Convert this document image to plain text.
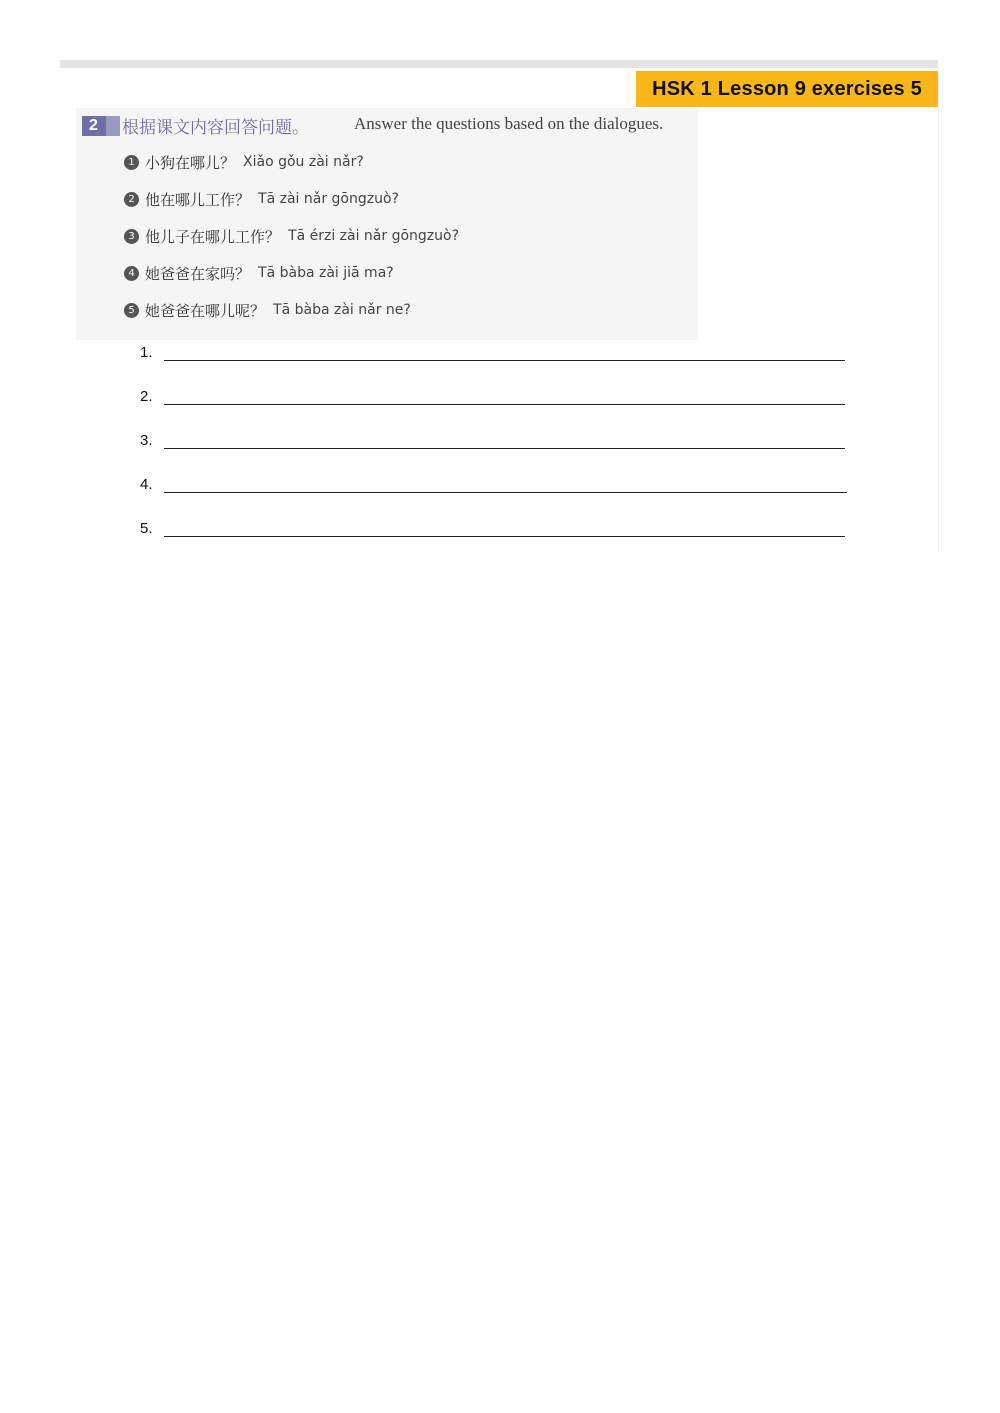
HSK 1 Lesson 9 exercises 5
2	根据课文内容回答问题。	Answer the questions based on the dialogues.
1 小狗在哪儿？ Xiǎo gǒu zài nǎr?
2 他在哪儿工作？ Tā zài nǎr gōngzuò?
3 他儿子在哪儿工作？ Tā érzi zài nǎr gōngzuò?
4 她爸爸在家吗？ Tā bàba zài jiā ma?
5 她爸爸在哪儿呢？ Tā bàba zài nǎr ne?
1.
2.
3.
4.
5.
